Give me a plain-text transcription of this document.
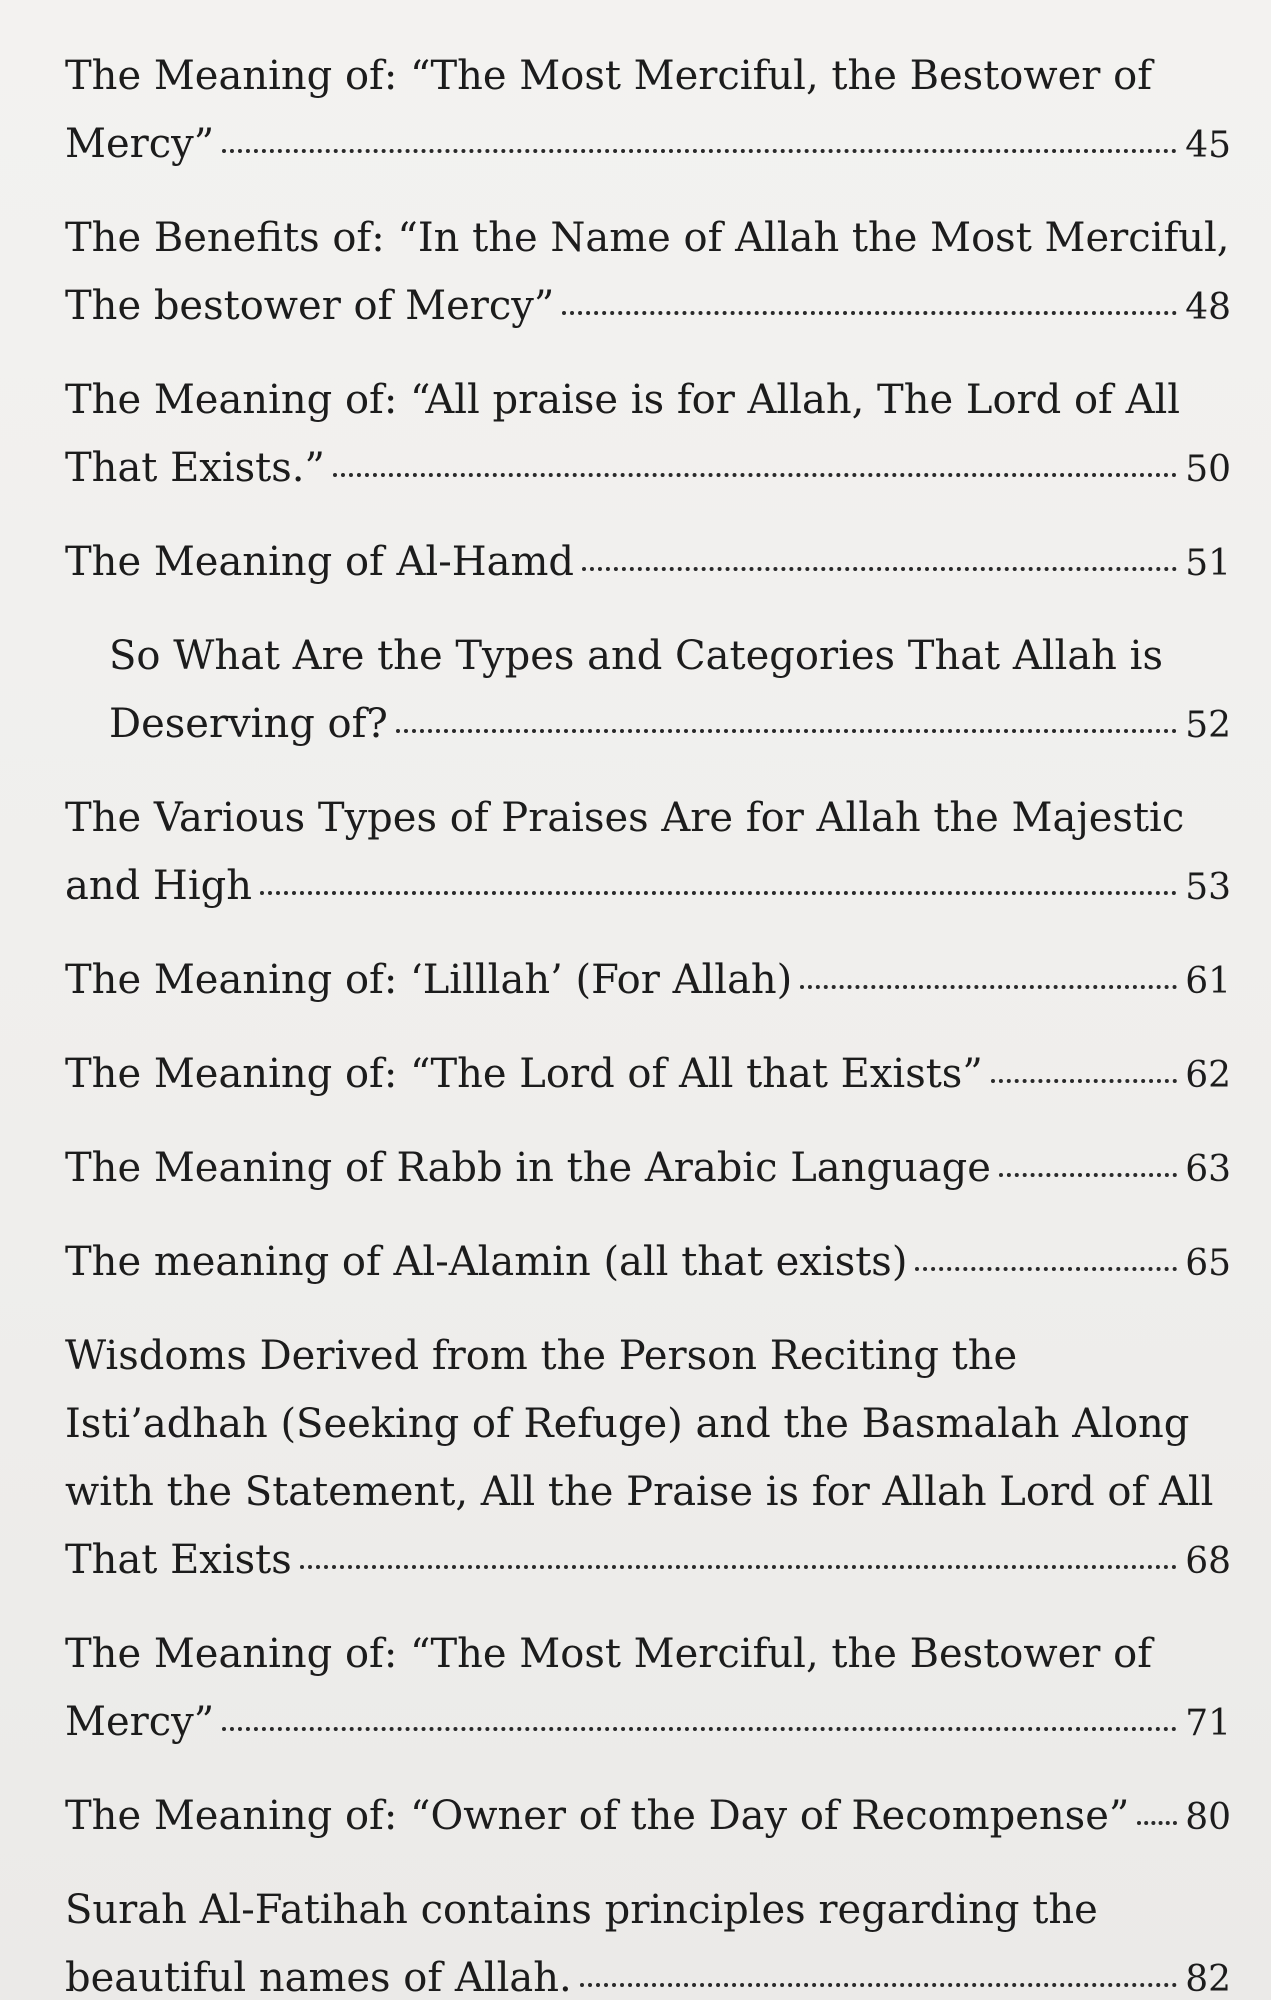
The Meaning of: “The Most Merciful, the Bestower of
Mercy”	45
The Benefits of: “In the Name of Allah the Most Merciful,
The bestower of Mercy”	48
The Meaning of: “All praise is for Allah, The Lord of All
That Exists.”	50
The Meaning of Al-Hamd	51
So What Are the Types and Categories That Allah is
Deserving of?	52
The Various Types of Praises Are for Allah the Majestic
and High	53
The Meaning of: ‘Lilllah’ (For Allah)	61
The Meaning of: “The Lord of All that Exists”	62
The Meaning of Rabb in the Arabic Language	63
The meaning of Al-Alamin (all that exists)	65
Wisdoms Derived from the Person Reciting the
Isti’adhah (Seeking of Refuge) and the Basmalah Along
with the Statement, All the Praise is for Allah Lord of All
That Exists	68
The Meaning of: “The Most Merciful, the Bestower of
Mercy”	71
The Meaning of: “Owner of the Day of Recompense” 80
Surah Al-Fatihah contains principles regarding the
beautiful names of Allah.	82
